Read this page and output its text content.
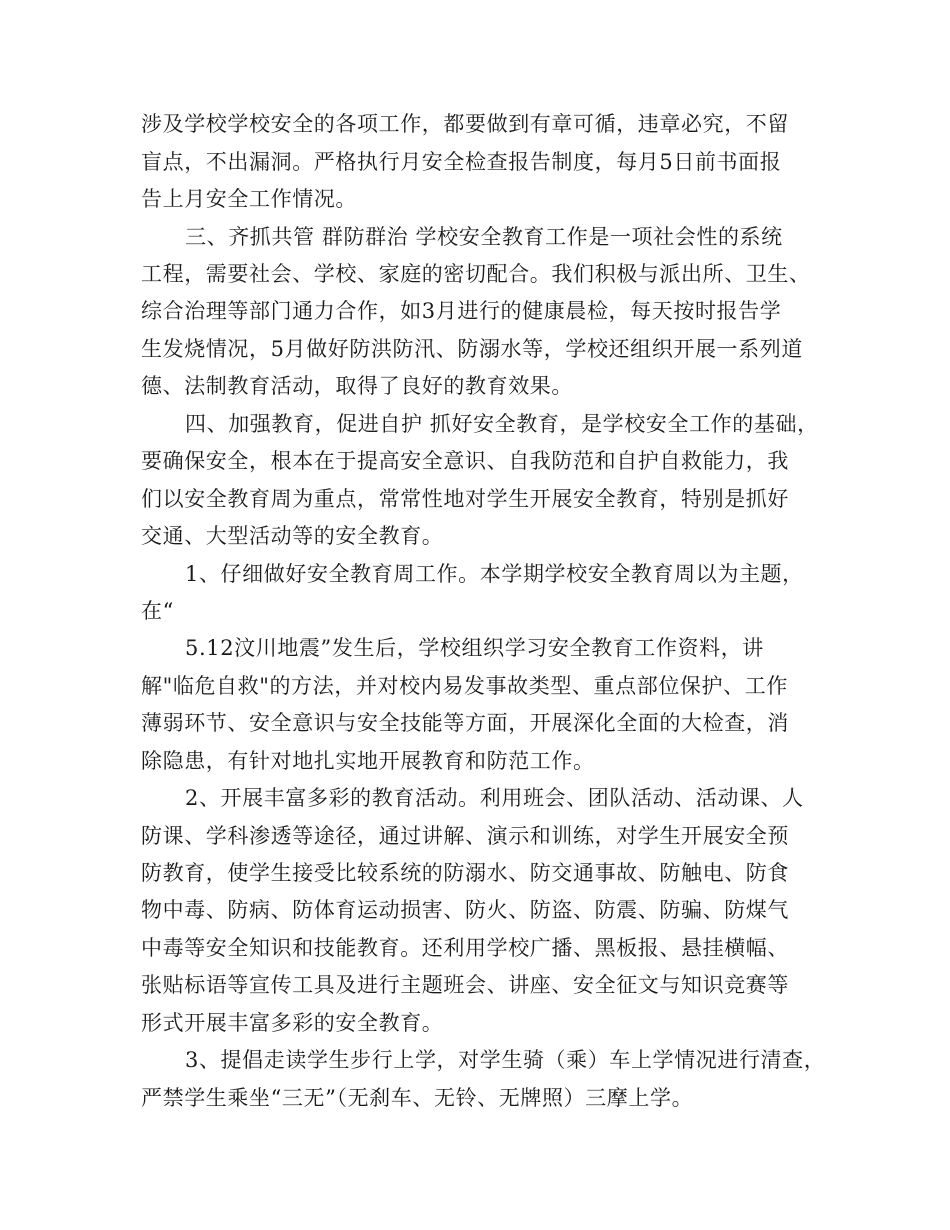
涉及学校学校安全的各项工作，都要做到有章可循，违章必究，不留
盲点，不出漏洞。严格执行月安全检查报告制度，每月5日前书面报
告上月安全工作情况。
三、齐抓共管 群防群治 学校安全教育工作是一项社会性的系统
工程，需要社会、学校、家庭的密切配合。我们积极与派出所、卫生、
综合治理等部门通力合作，如3月进行的健康晨检，每天按时报告学
生发烧情况，5月做好防洪防汛、防溺水等，学校还组织开展一系列道
德、法制教育活动，取得了良好的教育效果。
四、加强教育，促进自护 抓好安全教育，是学校安全工作的基础，
要确保安全，根本在于提高安全意识、自我防范和自护自救能力，我
们以安全教育周为重点，常常性地对学生开展安全教育，特别是抓好
交通、大型活动等的安全教育。
1、仔细做好安全教育周工作。本学期学校安全教育周以为主题，
在“
5.12汶川地震”发生后，学校组织学习安全教育工作资料，讲
解"临危自救"的方法，并对校内易发事故类型、重点部位保护、工作
薄弱环节、安全意识与安全技能等方面，开展深化全面的大检查，消
除隐患，有针对地扎实地开展教育和防范工作。
2、开展丰富多彩的教育活动。利用班会、团队活动、活动课、人
防课、学科渗透等途径，通过讲解、演示和训练，对学生开展安全预
防教育，使学生接受比较系统的防溺水、防交通事故、防触电、防食
物中毒、防病、防体育运动损害、防火、防盗、防震、防骗、防煤气
中毒等安全知识和技能教育。还利用学校广播、黑板报、悬挂横幅、
张贴标语等宣传工具及进行主题班会、讲座、安全征文与知识竞赛等
形式开展丰富多彩的安全教育。
3、提倡走读学生步行上学，对学生骑（乘）车上学情况进行清查，
严禁学生乘坐“三无”（无刹车、无铃、无牌照）三摩上学。
